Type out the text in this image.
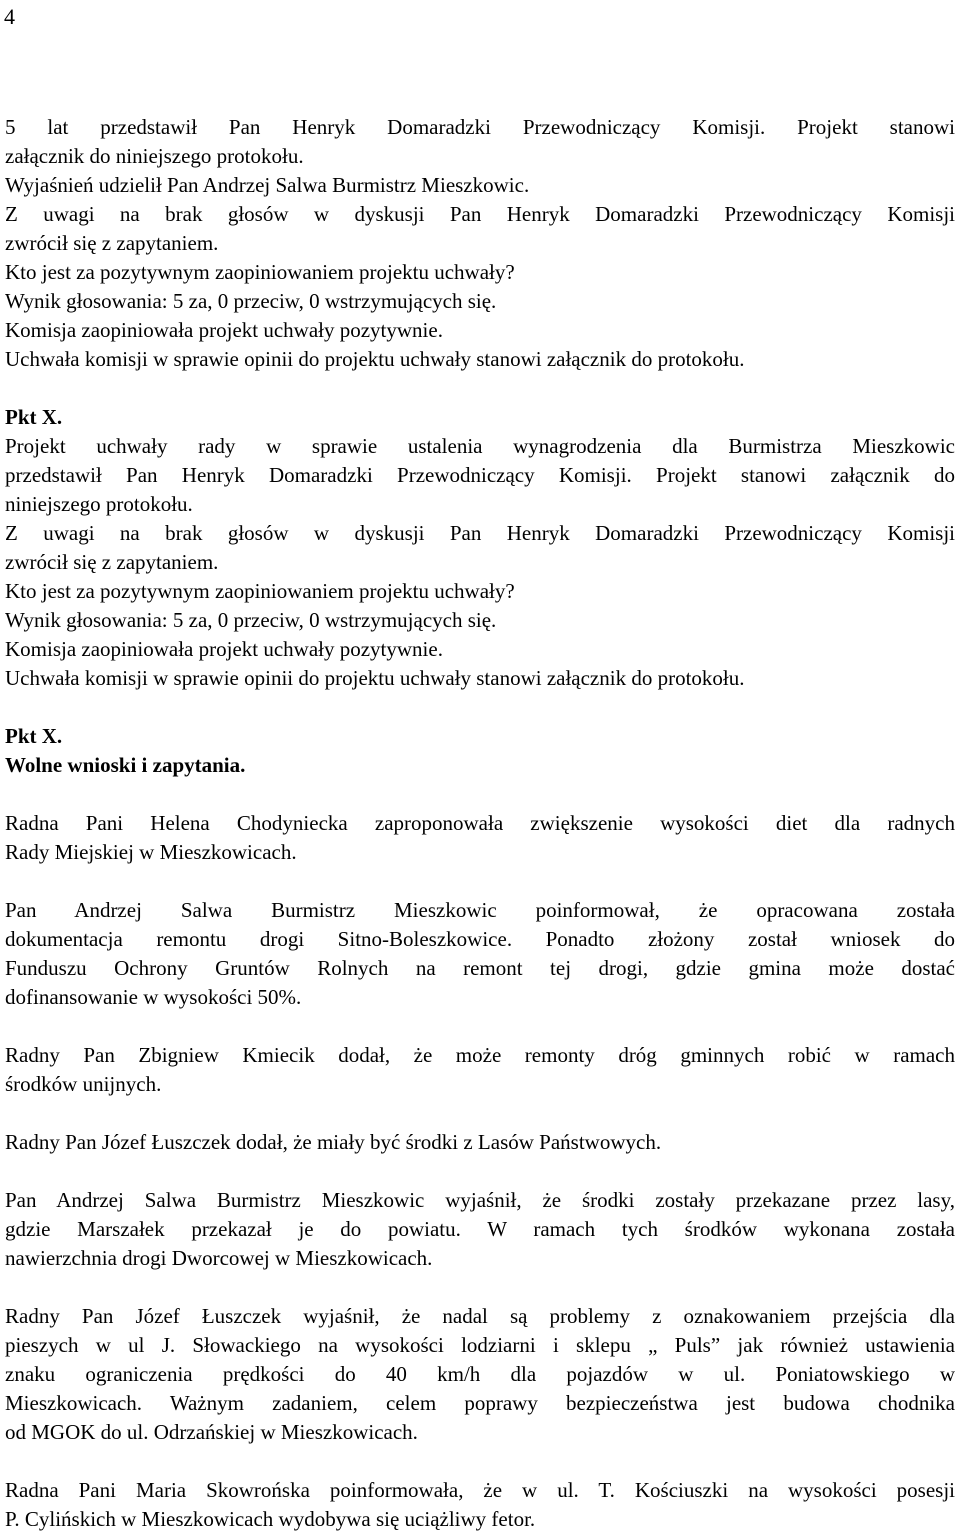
4
5 lat przedstawił Pan Henryk Domaradzki Przewodniczący Komisji. Projekt stanowi
załącznik do niniejszego protokołu.
Wyjaśnień udzielił Pan Andrzej Salwa Burmistrz Mieszkowic.
Z uwagi na brak głosów w dyskusji Pan Henryk Domaradzki Przewodniczący Komisji
zwrócił się z zapytaniem.
Kto jest za pozytywnym zaopiniowaniem projektu uchwały?
Wynik głosowania: 5 za, 0 przeciw, 0 wstrzymujących się.
Komisja zaopiniowała projekt uchwały pozytywnie.
Uchwała komisji w sprawie opinii do projektu uchwały stanowi załącznik do protokołu.
Pkt X.
Projekt uchwały rady w sprawie ustalenia wynagrodzenia dla Burmistrza Mieszkowic
przedstawił Pan Henryk Domaradzki Przewodniczący Komisji. Projekt stanowi załącznik do
niniejszego protokołu.
Z uwagi na brak głosów w dyskusji Pan Henryk Domaradzki Przewodniczący Komisji
zwrócił się z zapytaniem.
Kto jest za pozytywnym zaopiniowaniem projektu uchwały?
Wynik głosowania: 5 za, 0 przeciw, 0 wstrzymujących się.
Komisja zaopiniowała projekt uchwały pozytywnie.
Uchwała komisji w sprawie opinii do projektu uchwały stanowi załącznik do protokołu.
Pkt X.
Wolne wnioski i zapytania.
Radna Pani Helena Chodyniecka zaproponowała zwiększenie wysokości diet dla radnych
Rady Miejskiej w Mieszkowicach.
Pan Andrzej Salwa Burmistrz Mieszkowic poinformował, że opracowana została
dokumentacja remontu drogi Sitno-Boleszkowice. Ponadto złożony został wniosek do
Funduszu Ochrony Gruntów Rolnych na remont tej drogi, gdzie gmina może dostać
dofinansowanie w wysokości 50%.
Radny Pan Zbigniew Kmiecik dodał, że może remonty dróg gminnych robić w ramach
środków unijnych.
Radny Pan Józef Łuszczek dodał, że miały być środki z Lasów Państwowych.
Pan Andrzej Salwa Burmistrz Mieszkowic wyjaśnił, że środki zostały przekazane przez lasy,
gdzie Marszałek przekazał je do powiatu. W ramach tych środków wykonana została
nawierzchnia drogi Dworcowej w Mieszkowicach.
Radny Pan Józef Łuszczek wyjaśnił, że nadal są problemy z oznakowaniem przejścia dla
pieszych w ul J. Słowackiego na wysokości lodziarni i sklepu „ Puls” jak również ustawienia
znaku ograniczenia prędkości do 40 km/h dla pojazdów w ul. Poniatowskiego w
Mieszkowicach. Ważnym zadaniem, celem poprawy bezpieczeństwa jest budowa chodnika
od MGOK do ul. Odrzańskiej w Mieszkowicach.
Radna Pani Maria Skowrońska poinformowała, że w ul. T. Kościuszki na wysokości posesji
P. Cylińskich w Mieszkowicach wydobywa się uciążliwy fetor.
